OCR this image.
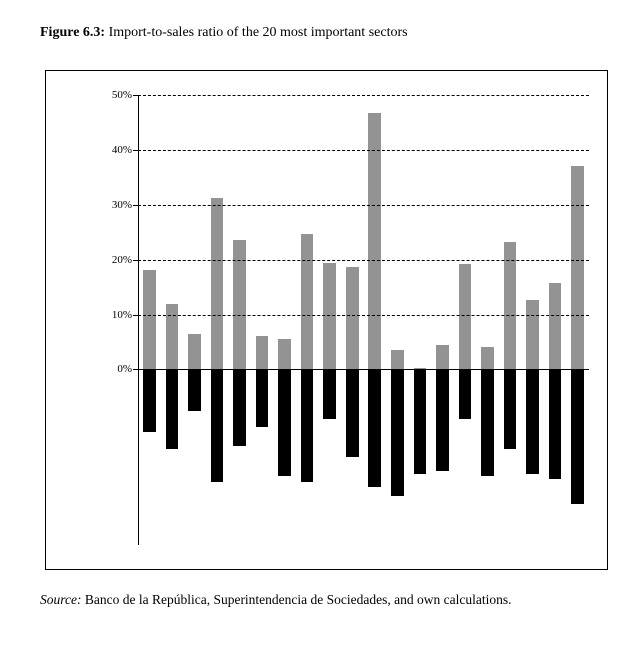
Figure 6.3: Import-to-sales ratio of the 20 most important sectors
0%
10%
20%
30%
40%
50%
Source: Banco de la República, Superintendencia de Sociedades, and own calculations.
